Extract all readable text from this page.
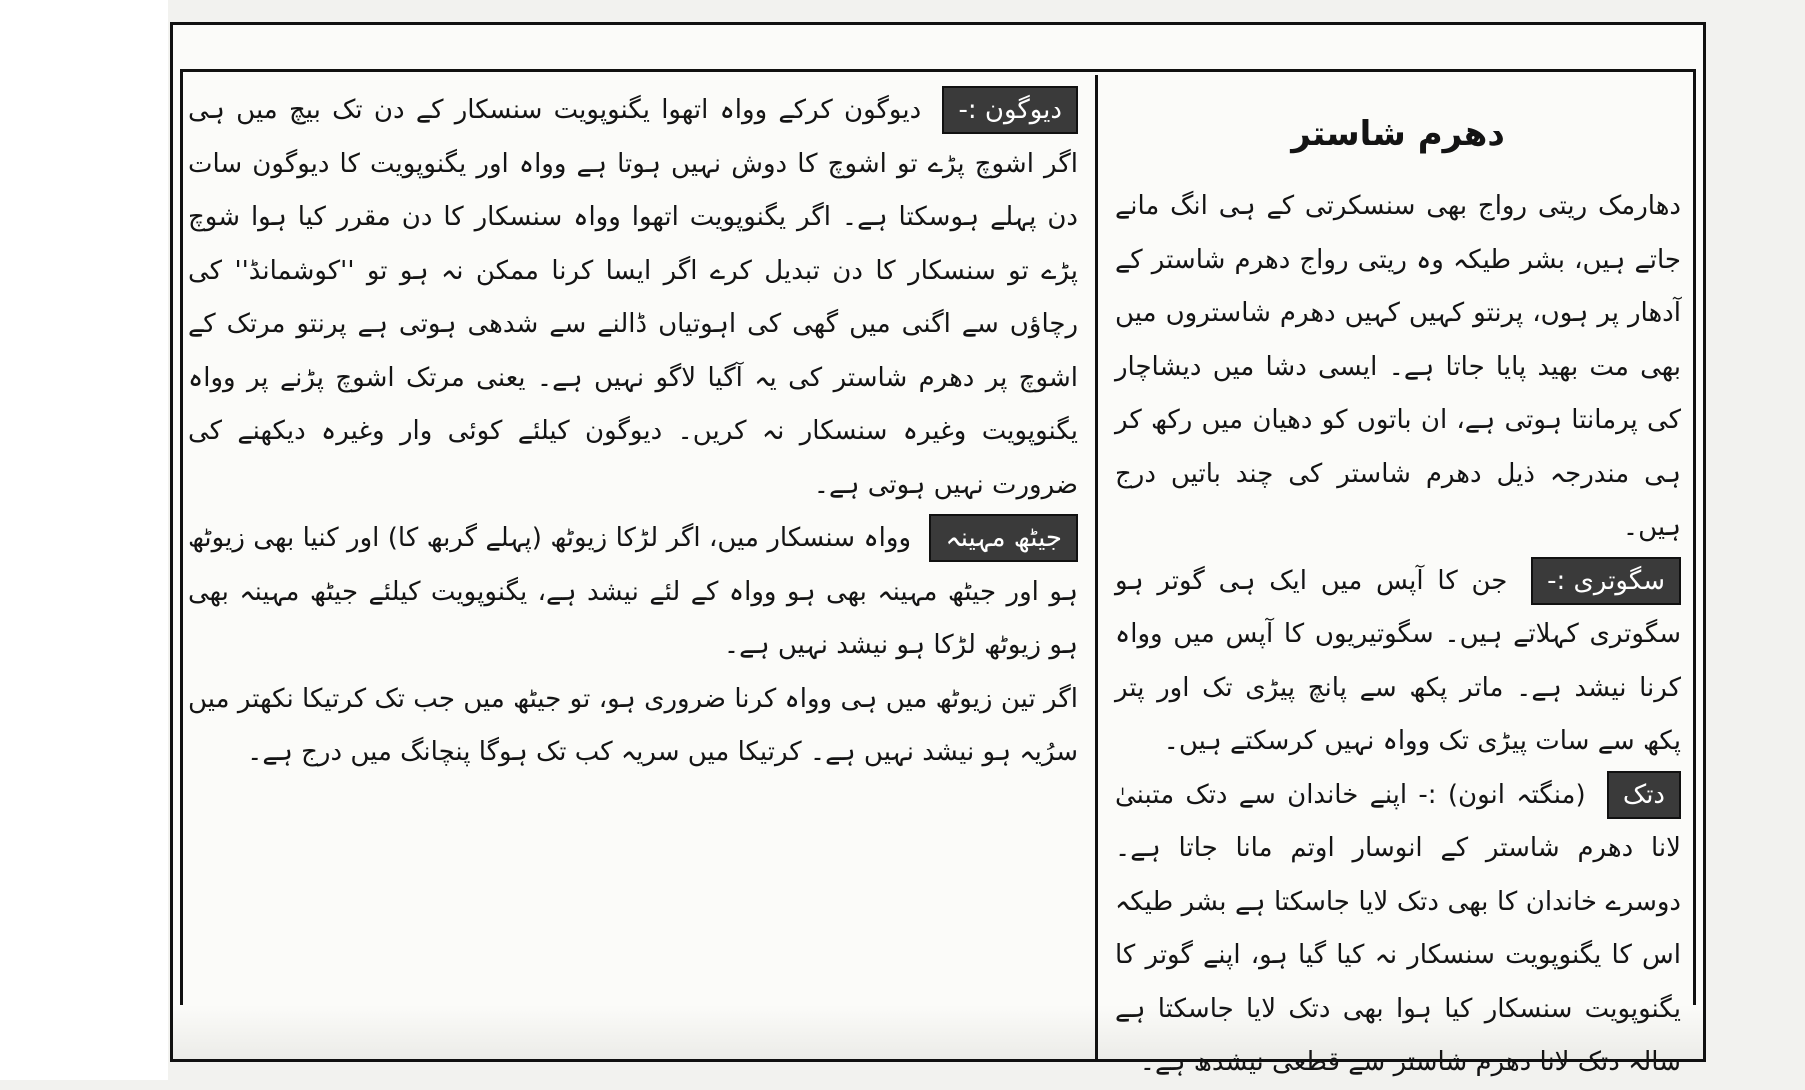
دھرم شاستر

دھارمک ریتی رواج بھی سنسکرتی کے ہی انگ مانے جاتے ہیں، بشر طیکہ وہ ریتی رواج دھرم شاستر کے آدھار پر ہوں، پرنتو کہیں کہیں دھرم شاستروں میں بھی مت بھید پایا جاتا ہے۔ ایسی دشا میں دیشاچار کی پرمانتا ہوتی ہے، ان باتوں کو دھیان میں رکھ کر ہی مندرجہ ذیل دھرم شاستر کی چند باتیں درج ہیں۔

سگوتری :- جن کا آپس میں ایک ہی گوتر ہو سگوتری کہلاتے ہیں۔ سگوتیریوں کا آپس میں وواہ کرنا نیشد ہے۔ ماتر پکھ سے پانچ پیڑی تک اور پتر پکھ سے سات پیڑی تک وواہ نہیں کرسکتے ہیں۔

دتک (منگتہ انون) :- اپنے خاندان سے دتک متبنیٰ لانا دھرم شاستر کے انوسار اوتم مانا جاتا ہے۔ دوسرے خاندان کا بھی دتک لایا جاسکتا ہے بشر طیکہ اس کا یگنوپویت سنسکار نہ کیا گیا ہو، اپنے گوتر کا یگنوپویت سنسکار کیا ہوا بھی دتک لایا جاسکتا ہے سالہ دتک لانا دھرم شاستر سے قطعی نیشدھ ہے۔

دیوگون :- دیوگون کرکے وواہ اتھوا یگنوپویت سنسکار کے دن تک بیچ میں ہی اگر اشوچ پڑے تو اشوچ کا دوش نہیں ہوتا ہے وواہ اور یگنوپویت کا دیوگون سات دن پہلے ہوسکتا ہے۔ اگر یگنوپویت اتھوا وواہ سنسکار کا دن مقرر کیا ہوا شوچ پڑے تو سنسکار کا دن تبدیل کرے اگر ایسا کرنا ممکن نہ ہو تو ''کوشمانڈ'' کی رچاؤں سے اگنی میں گھی کی اہوتیاں ڈالنے سے شدھی ہوتی ہے پرنتو مرتک کے اشوچ پر دھرم شاستر کی یہ آگیا لاگو نہیں ہے۔ یعنی مرتک اشوچ پڑنے پر وواہ یگنوپویت وغیرہ سنسکار نہ کریں۔ دیوگون کیلئے کوئی وار وغیرہ دیکھنے کی ضرورت نہیں ہوتی ہے۔

جیٹھ مہینہ وواہ سنسکار میں، اگر لڑکا زیوٹھ (پہلے گربھ کا) اور کنیا بھی زیوٹھ ہو اور جیٹھ مہینہ بھی ہو وواہ کے لئے نیشد ہے، یگنوپویت کیلئے جیٹھ مہینہ بھی ہو زیوٹھ لڑکا ہو نیشد نہیں ہے۔

اگر تین زیوٹھ میں ہی وواہ کرنا ضروری ہو، تو جیٹھ میں جب تک کرتیکا نکھتر میں سرُیہ ہو نیشد نہیں ہے۔ کرتیکا میں سریہ کب تک ہوگا پنچانگ میں درج ہے۔
